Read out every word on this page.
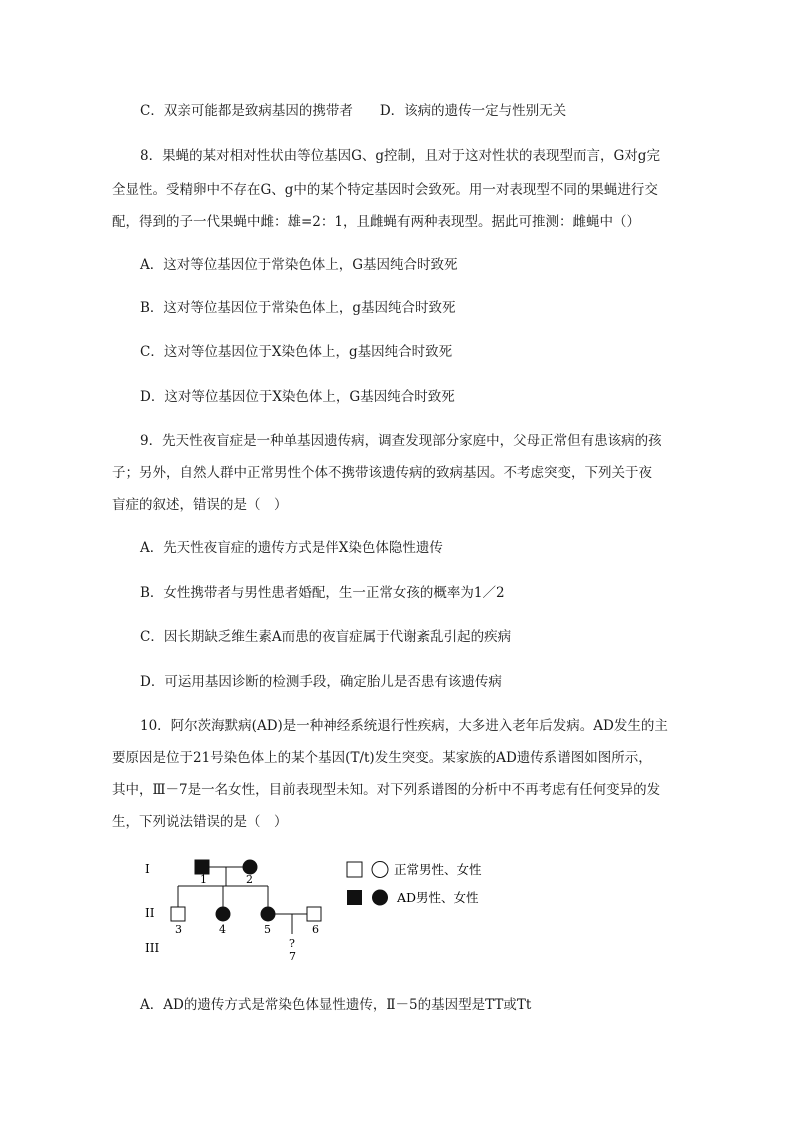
C．双亲可能都是致病基因的携带者　　D．该病的遗传一定与性别无关
8．果蝇的某对相对性状由等位基因G、g控制，且对于这对性状的表现型而言，G对g完
全显性。受精卵中不存在G、g中的某个特定基因时会致死。用一对表现型不同的果蝇进行交
配，得到的子一代果蝇中雌：雄=2：1，且雌蝇有两种表现型。据此可推测：雌蝇中（）
A．这对等位基因位于常染色体上，G基因纯合时致死
B．这对等位基因位于常染色体上，g基因纯合时致死
C．这对等位基因位于X染色体上，g基因纯合时致死
D．这对等位基因位于X染色体上，G基因纯合时致死
9．先天性夜盲症是一种单基因遗传病，调查发现部分家庭中，父母正常但有患该病的孩
子；另外，自然人群中正常男性个体不携带该遗传病的致病基因。不考虑突变，下列关于夜
盲症的叙述，错误的是（　）
A．先天性夜盲症的遗传方式是伴X染色体隐性遗传
B．女性携带者与男性患者婚配，生一正常女孩的概率为1／2
C．因长期缺乏维生素A而患的夜盲症属于代谢紊乱引起的疾病
D．可运用基因诊断的检测手段，确定胎儿是否患有该遗传病
10．阿尔茨海默病(AD)是一种神经系统退行性疾病，大多进入老年后发病。AD发生的主
要原因是位于21号染色体上的某个基因(T/t)发生突变。某家族的AD遗传系谱图如图所示，
其中，Ⅲ－7是一名女性，目前表现型未知。对下列系谱图的分析中不再考虑有任何变异的发
生，下列说法错误的是（　）
I
II
III
1	2
3	4	5	6
?
7
正常男性、女性
AD男性、女性
A．AD的遗传方式是常染色体显性遗传，Ⅱ－5的基因型是TT或Tt
